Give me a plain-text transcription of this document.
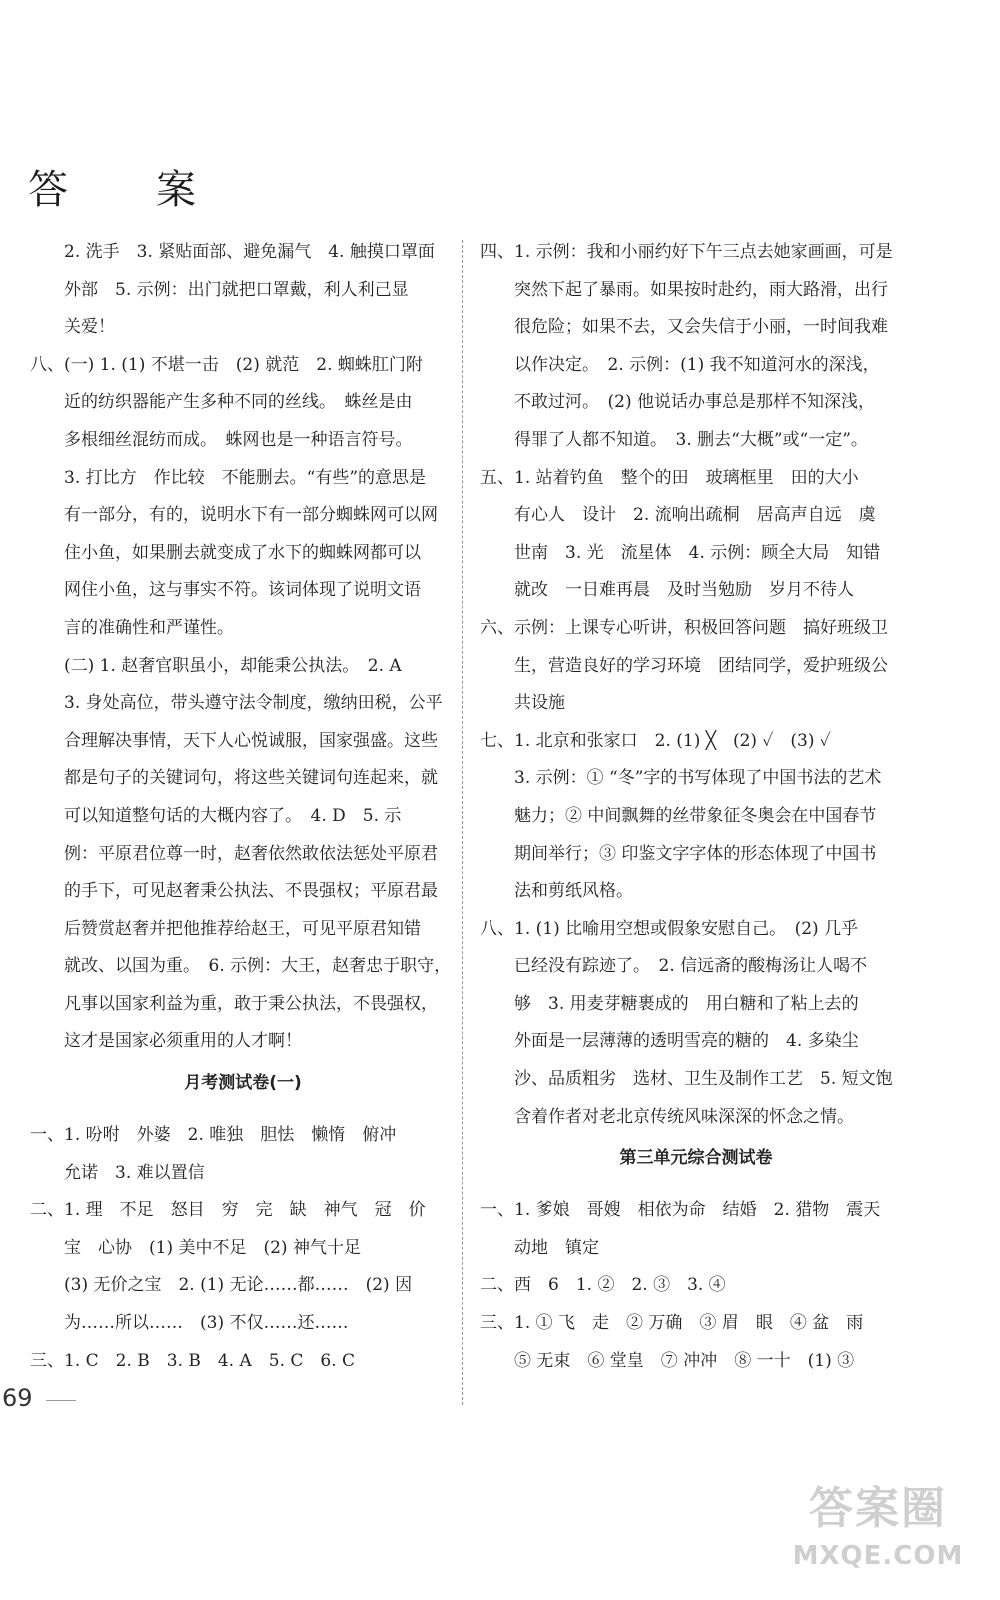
答　案
　　2. 洗手　3. 紧贴面部、避免漏气　4. 触摸口罩面
　　外部　5. 示例：出门就把口罩戴，利人利己显
　　关爱！
八、(一) 1. (1) 不堪一击　(2) 就范　2. 蜘蛛肛门附
　　近的纺织器能产生多种不同的丝线。　蛛丝是由
　　多根细丝混纺而成。　蛛网也是一种语言符号。
　　3. 打比方　作比较　不能删去。“有些”的意思是
　　有一部分，有的，说明水下有一部分蜘蛛网可以网
　　住小鱼，如果删去就变成了水下的蜘蛛网都可以
　　网住小鱼，这与事实不符。该词体现了说明文语
　　言的准确性和严谨性。
　　(二) 1. 赵奢官职虽小，却能秉公执法。　2. A
　　3. 身处高位，带头遵守法令制度，缴纳田税，公平
　　合理解决事情，天下人心悦诚服，国家强盛。这些
　　都是句子的关键词句，将这些关键词句连起来，就
　　可以知道整句话的大概内容了。　4. D　5. 示
　　例：平原君位尊一时，赵奢依然敢依法惩处平原君
　　的手下，可见赵奢秉公执法、不畏强权；平原君最
　　后赞赏赵奢并把他推荐给赵王，可见平原君知错
　　就改、以国为重。　6. 示例：大王，赵奢忠于职守，
　　凡事以国家利益为重，敢于秉公执法，不畏强权，
　　这才是国家必须重用的人才啊！
月考测试卷(一)
一、1. 吩咐　外婆　2. 唯独　胆怯　懒惰　俯冲
　　允诺　3. 难以置信
二、1. 理　不足　怒目　穷　完　缺　神气　冠　价
　　宝　心协　(1) 美中不足　(2) 神气十足
　　(3) 无价之宝　2. (1) 无论……都……　(2) 因
　　为……所以……　(3) 不仅……还……
三、1. C　2. B　3. B　4. A　5. C　6. C
四、1. 示例：我和小丽约好下午三点去她家画画，可是
　　突然下起了暴雨。如果按时赴约，雨大路滑，出行
　　很危险；如果不去，又会失信于小丽，一时间我难
　　以作决定。　2. 示例：(1) 我不知道河水的深浅，
　　不敢过河。　(2) 他说话办事总是那样不知深浅，
　　得罪了人都不知道。　3. 删去“大概”或“一定”。
五、1. 站着钓鱼　整个的田　玻璃框里　田的大小
　　有心人　设计　2. 流响出疏桐　居高声自远　虞
　　世南　3. 光　流星体　4. 示例：顾全大局　知错
　　就改　一日难再晨　及时当勉励　岁月不待人
六、示例：上课专心听讲，积极回答问题　搞好班级卫
　　生，营造良好的学习环境　团结同学，爱护班级公
　　共设施
七、1. 北京和张家口　2. (1) ╳　(2) ✓　(3) ✓
　　3. 示例：① “冬”字的书写体现了中国书法的艺术
　　魅力；② 中间飘舞的丝带象征冬奥会在中国春节
　　期间举行；③ 印鉴文字字体的形态体现了中国书
　　法和剪纸风格。
八、1. (1) 比喻用空想或假象安慰自己。　(2) 几乎
　　已经没有踪迹了。　2. 信远斋的酸梅汤让人喝不
　　够　3. 用麦芽糖裹成的　用白糖和了粘上去的
　　外面是一层薄薄的透明雪亮的糖的　4. 多染尘
　　沙、品质粗劣　选材、卫生及制作工艺　5. 短文饱
　　含着作者对老北京传统风味深深的怀念之情。
第三单元综合测试卷
一、1. 爹娘　哥嫂　相依为命　结婚　2. 猎物　震天
　　动地　镇定
二、西　6　1. ②　2. ③　3. ④
三、1. ① 飞　走　② 万确　③ 眉　眼　④ 盆　雨
　　⑤ 无束　⑥ 堂皇　⑦ 冲冲　⑧ 一十　(1) ③
69
答案圈
MXQE.COM
